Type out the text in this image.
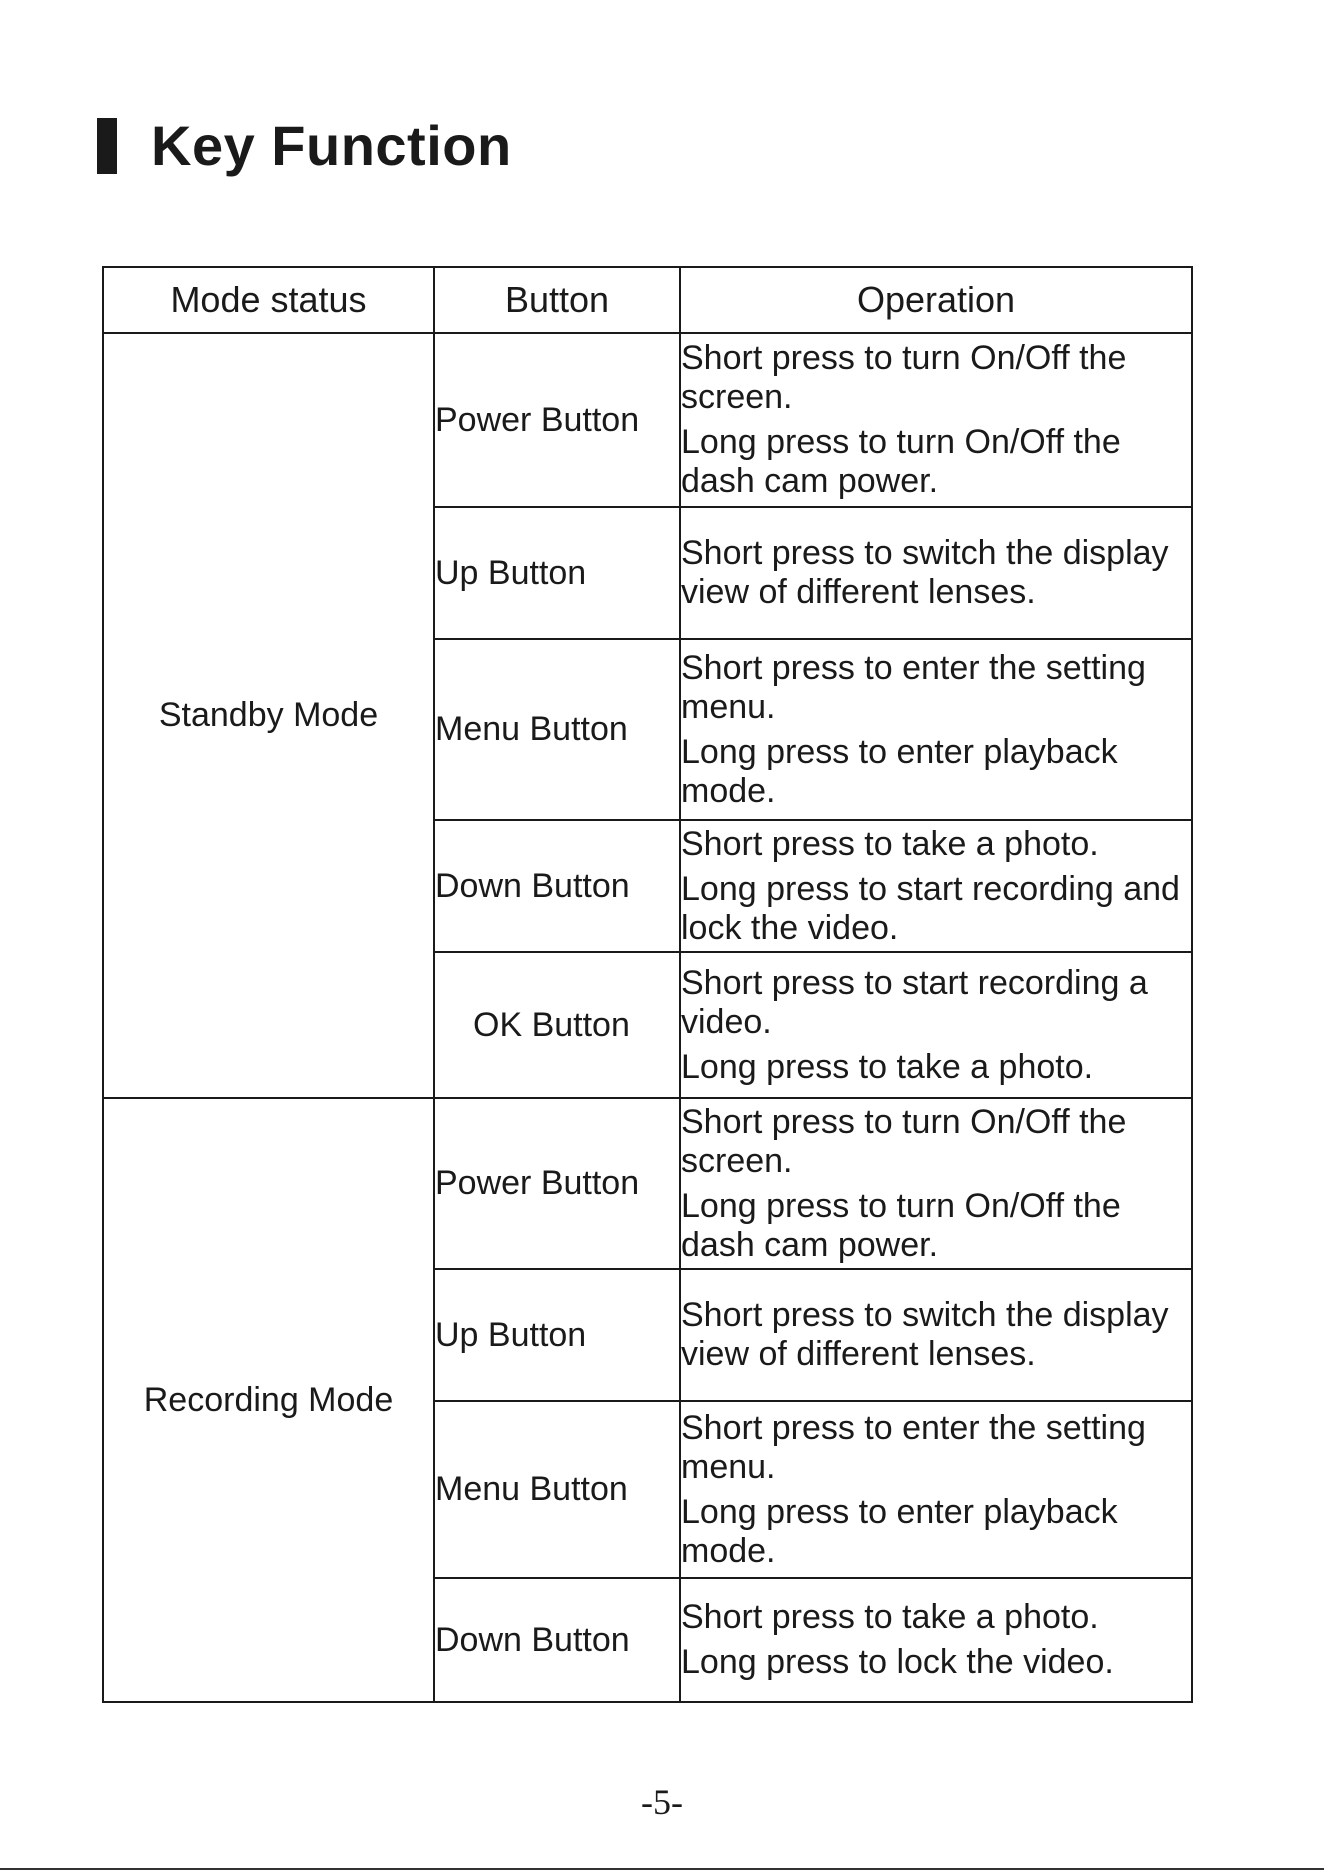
Key Function
Mode status	Button	Operation
Standby Mode	Power Button	Short press to turn On/Off the screen.

Long press to turn On/Off the dash cam power.

	Up Button	Short press to switch the display view of different lenses.

	Menu Button	Short press to enter the setting menu.

Long press to enter playback mode.

	Down Button	Short press to take a photo.

Long press to start recording and lock the video.

	OK Button	Short press to start recording a video.

Long press to take a photo.

Recording Mode	Power Button	Short press to turn On/Off the screen.

Long press to turn On/Off the dash cam power.

	Up Button	Short press to switch the display view of different lenses.

	Menu Button	Short press to enter the setting menu.

Long press to enter playback mode.

	Down Button	Short press to take a photo.

Long press to lock the video.

-5-
